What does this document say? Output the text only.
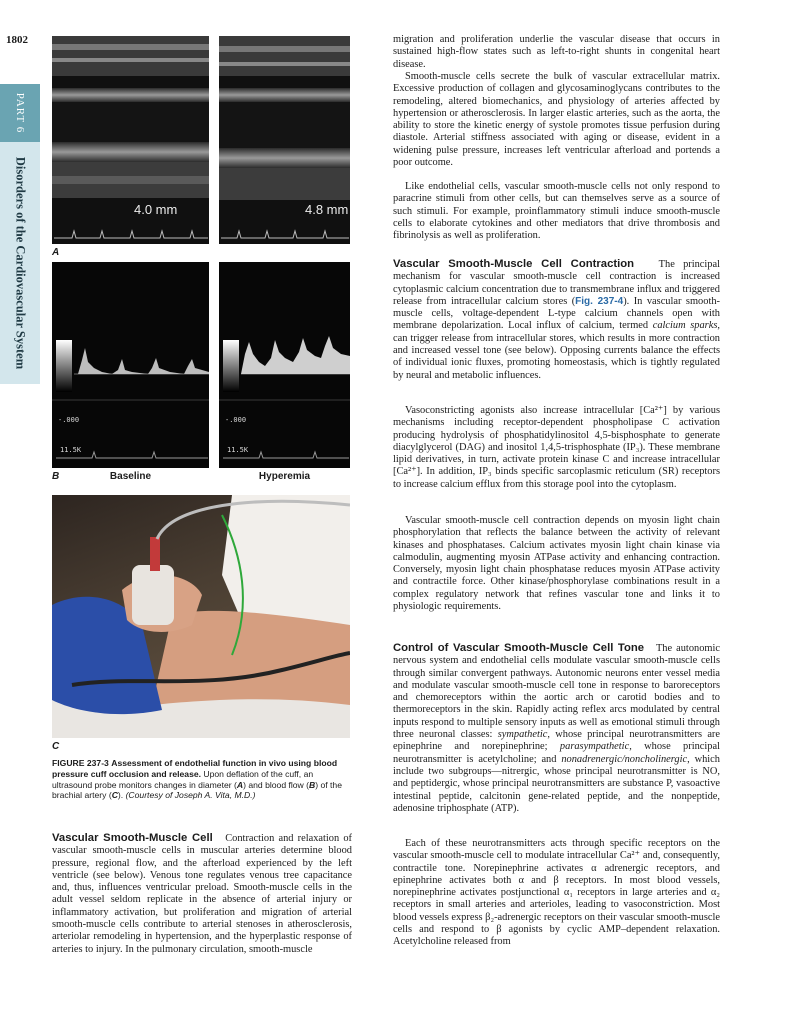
1802
PART 6
Disorders of the Cardiovascular System	4.0 mm	4.8 mm
A
-.000
11.5K
-.000
11.5K
B	Baseline	Hyperemia
C
FIGURE 237-3 Assessment of endothelial function in vivo using blood pressure cuff occlusion and release. Upon deflation of the cuff, an ultrasound probe monitors changes in diameter (A) and blood flow (B) of the brachial artery (C). (Courtesy of Joseph A. Vita, M.D.)

Vascular Smooth-Muscle Cell Contraction and relaxation of vascular smooth-muscle cells in muscular arteries determine blood pressure, regional flow, and the afterload experienced by the left ventricle (see below). Venous tone regulates venous tree capacitance and, thus, influences ventricular preload. Smooth-muscle cells in the adult vessel seldom replicate in the absence of arterial injury or inflammatory activation, but proliferation and migration of arterial smooth-muscle cells contribute to arterial stenoses in atherosclerosis, arteriolar remodeling in hypertension, and the hyperplastic response of arteries to injury. In the pulmonary circulation, smooth-muscle

migration and proliferation underlie the vascular disease that occurs in sustained high-flow states such as left-to-right shunts in congenital heart disease.

Smooth-muscle cells secrete the bulk of vascular extracellular matrix. Excessive production of collagen and glycosaminoglycans contributes to the remodeling, altered biomechanics, and physiology of arteries affected by hypertension or atherosclerosis. In larger elastic arteries, such as the aorta, the ability to store the kinetic energy of systole promotes tissue perfusion during diastole. Arterial stiffness associated with aging or disease, evident in a widening pulse pressure, increases left ventricular afterload and portends a poor outcome.

Like endothelial cells, vascular smooth-muscle cells not only respond to paracrine stimuli from other cells, but can themselves serve as a source of such stimuli. For example, proinflammatory stimuli induce smooth-muscle cells to elaborate cytokines and other mediators that drive thrombosis and fibrinolysis as well as proliferation.

Vascular Smooth-Muscle Cell Contraction The principal mechanism for vascular smooth-muscle cell contraction is increased cytoplasmic calcium concentration due to transmembrane influx and triggered release from intracellular calcium stores (Fig. 237-4). In vascular smooth-muscle cells, voltage-dependent L-type calcium channels open with membrane depolarization. Local influx of calcium, termed calcium sparks, can trigger release from intracellular stores, which results in more contraction and increased vessel tone (see below). Opposing currents balance the effects of individual ionic fluxes, promoting homeostasis, which is tightly regulated by neural and metabolic influences.

Vasoconstricting agonists also increase intracellular [Ca²⁺] by various mechanisms including receptor-dependent phospholipase C activation producing hydrolysis of phosphatidylinositol 4,5-bisphosphate to generate diacylglycerol (DAG) and inositol 1,4,5-trisphosphate (IP₃). These membrane lipid derivatives, in turn, activate protein kinase C and increase intracellular [Ca²⁺]. In addition, IP₃ binds specific sarcoplasmic reticulum (SR) receptors to increase calcium efflux from this storage pool into the cytoplasm.

Vascular smooth-muscle cell contraction depends on myosin light chain phosphorylation that reflects the balance between the activity of relevant kinases and phosphatases. Calcium activates myosin light chain kinase via calmodulin, augmenting myosin ATPase activity and enhancing contraction. Conversely, myosin light chain phosphatase reduces myosin ATPase activity and contractile force. Other kinase/phosphorylase combinations result in a complex regulatory network that refines vascular tone and links it to physiologic requirements.

Control of Vascular Smooth-Muscle Cell Tone The autonomic nervous system and endothelial cells modulate vascular smooth-muscle cells through similar convergent pathways. Autonomic neurons enter vessel media and modulate vascular smooth-muscle cell tone in response to baroreceptors and chemoreceptors within the aortic arch or carotid bodies and to thermoreceptors in the skin. Rapidly acting reflex arcs modulated by central inputs respond to multiple sensory inputs as well as emotional stimuli through three neuronal classes: sympathetic, whose principal neurotransmitters are epinephrine and norepinephrine; parasympathetic, whose principal neurotransmitter is acetylcholine; and nonadrenergic/noncholinergic, which include two subgroups—nitrergic, whose principal neurotransmitter is NO, and peptidergic, whose principal neurotransmitters are substance P, vasoactive intestinal peptide, calcitonin gene-related peptide, and the nonpeptide, adenosine triphosphate (ATP).

Each of these neurotransmitters acts through specific receptors on the vascular smooth-muscle cell to modulate intracellular Ca²⁺ and, consequently, contractile tone. Norepinephrine activates α adrenergic receptors, and epinephrine activates both α and β receptors. In most blood vessels, norepinephrine activates postjunctional α₁ receptors in large arteries and α₂ receptors in small arteries and arterioles, leading to vasoconstriction. Most blood vessels express β₂-adrenergic receptors on their vascular smooth-muscle cells and respond to β agonists by cyclic AMP–dependent relaxation. Acetylcholine released from
